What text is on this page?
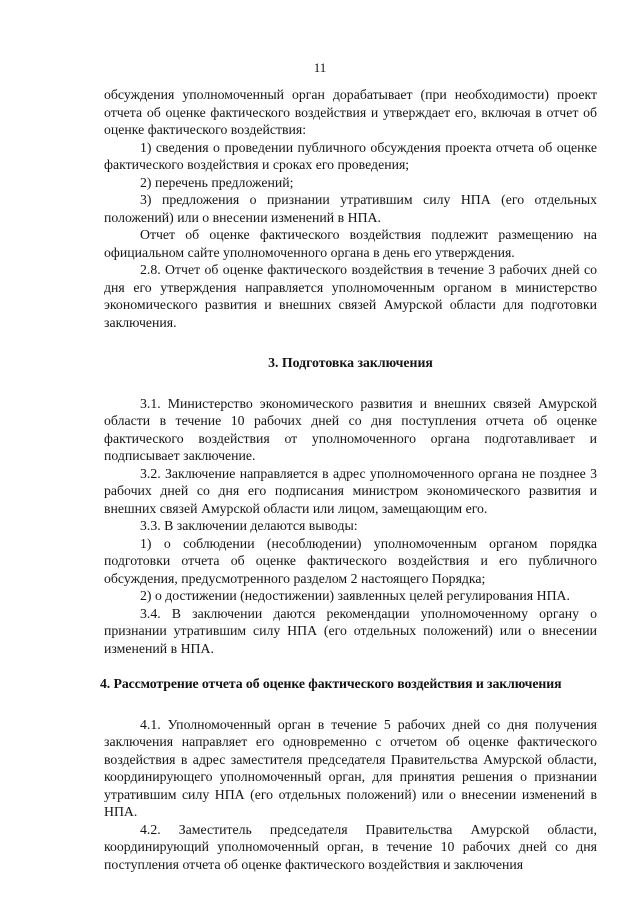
11

обсуждения уполномоченный орган дорабатывает (при необходимости) проект отчета об оценке фактического воздействия и утверждает его, включая в отчет об оценке фактического воздействия:

1) сведения о проведении публичного обсуждения проекта отчета об оценке фактического воздействия и сроках его проведения;

2) перечень предложений;

3) предложения о признании утратившим силу НПА (его отдельных положений) или о внесении изменений в НПА.

Отчет об оценке фактического воздействия подлежит размещению на официальном сайте уполномоченного органа в день его утверждения.

2.8. Отчет об оценке фактического воздействия в течение 3 рабочих дней со дня его утверждения направляется уполномоченным органом в министерство экономического развития и внешних связей Амурской области для подготовки заключения.

3. Подготовка заключения

3.1. Министерство экономического развития и внешних связей Амурской области в течение 10 рабочих дней со дня поступления отчета об оценке фактического воздействия от уполномоченного органа подготавливает и подписывает заключение.

3.2. Заключение направляется в адрес уполномоченного органа не позднее 3 рабочих дней со дня его подписания министром экономического развития и внешних связей Амурской области или лицом, замещающим его.

3.3. В заключении делаются выводы:

1) о соблюдении (несоблюдении) уполномоченным органом порядка подготовки отчета об оценке фактического воздействия и его публичного обсуждения, предусмотренного разделом 2 настоящего Порядка;

2) о достижении (недостижении) заявленных целей регулирования НПА.

3.4. В заключении даются рекомендации уполномоченному органу о признании утратившим силу НПА (его отдельных положений) или о внесении изменений в НПА.

4. Рассмотрение отчета об оценке фактического воздействия и заключения

4.1. Уполномоченный орган в течение 5 рабочих дней со дня получения заключения направляет его одновременно с отчетом об оценке фактического воздействия в адрес заместителя председателя Правительства Амурской области, координирующего уполномоченный орган, для принятия решения о признании утратившим силу НПА (его отдельных положений) или о внесении изменений в НПА.

4.2. Заместитель председателя Правительства Амурской области, координирующий уполномоченный орган, в течение 10 рабочих дней со дня поступления отчета об оценке фактического воздействия и заключения
